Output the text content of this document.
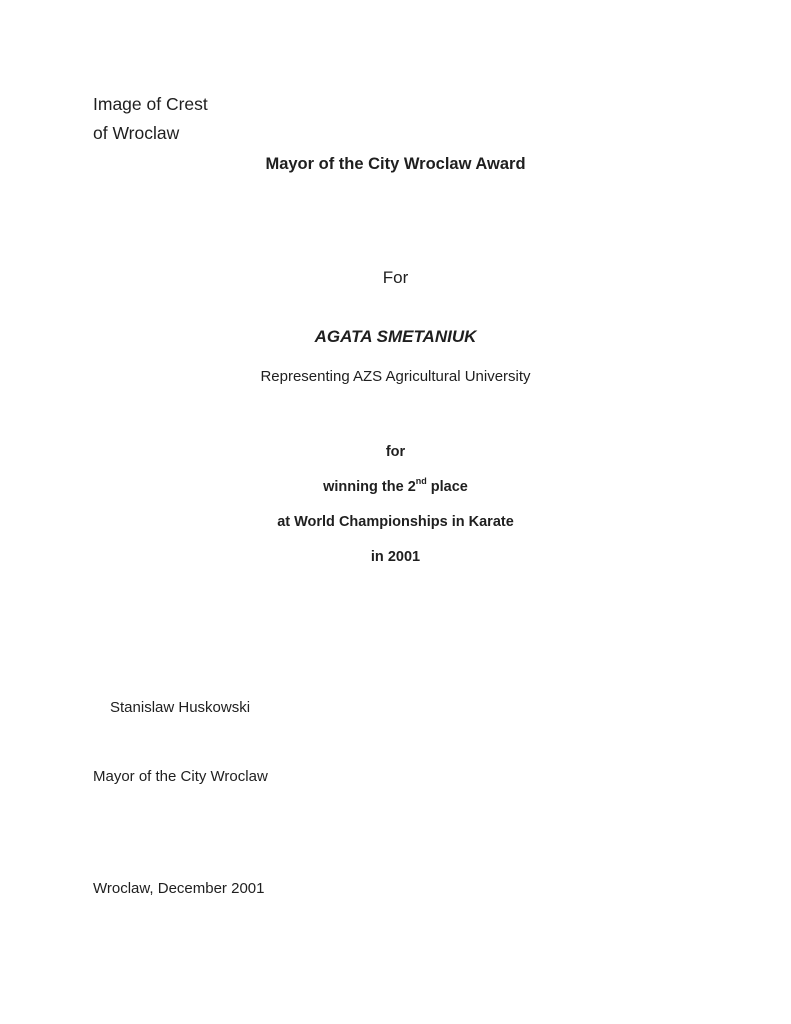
Image of Crest
of Wroclaw
Mayor of the City Wroclaw Award
For
AGATA SMETANIUK
Representing AZS Agricultural University
for
winning the 2nd place
at World Championships in Karate
in 2001
Stanislaw Huskowski
Mayor of the City Wroclaw
Wroclaw, December 2001
